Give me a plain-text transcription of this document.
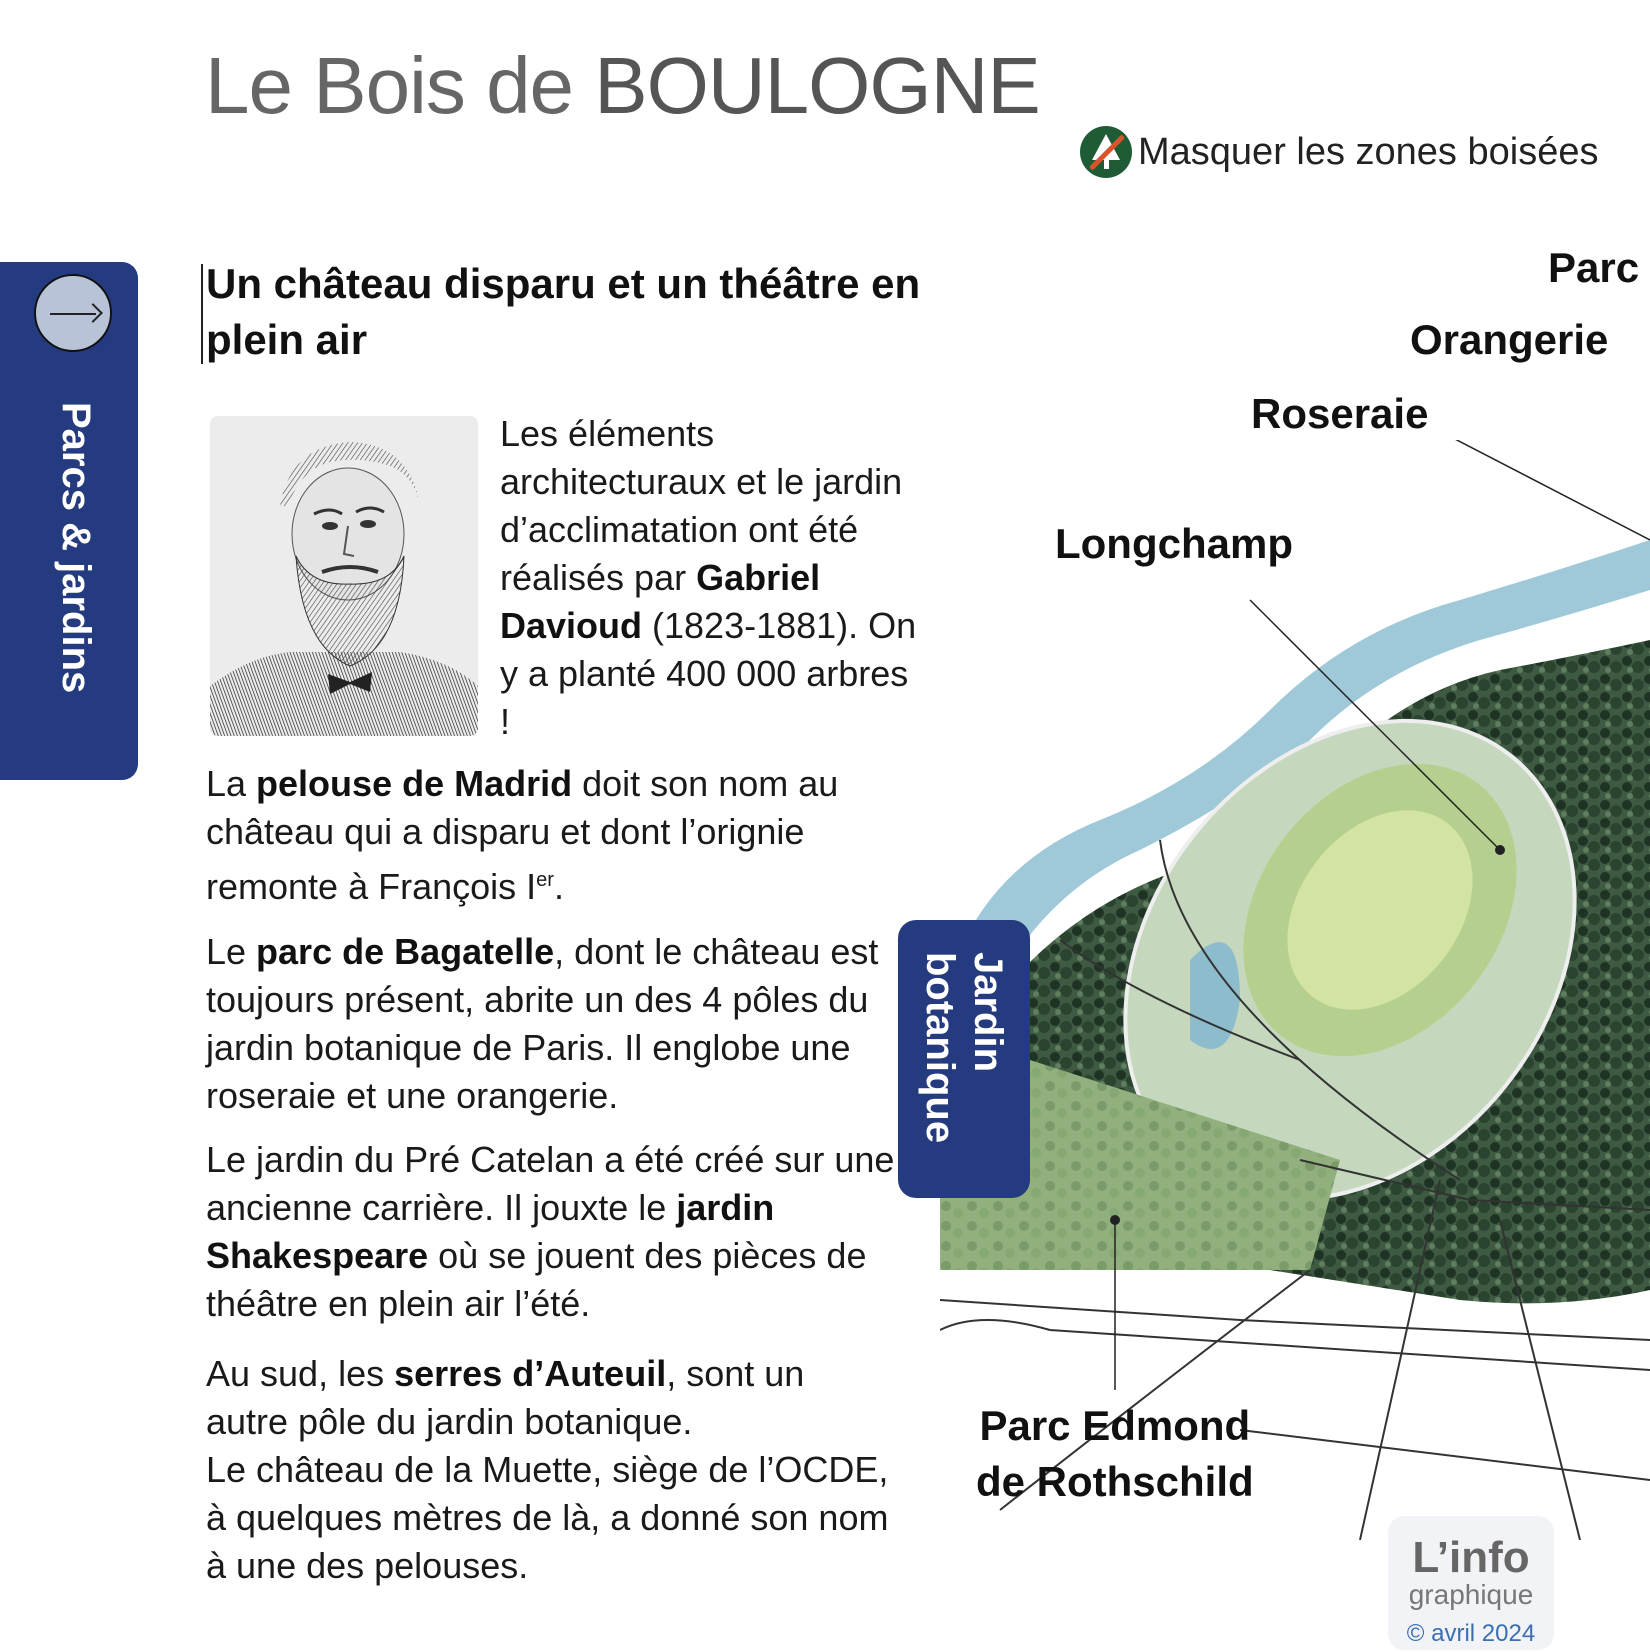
Le Bois de BOULOGNE
Masquer les zones boisées
Parcs & jardins
Un château disparu et un théâtre en plein air
Les éléments architecturaux et le jardin d’acclimatation ont été réalisés par Gabriel Davioud (1823-1881). On y a planté 400 000 arbres !
La pelouse de Madrid doit son nom au château qui a disparu et dont l’orignie remonte à François Ier.
Le parc de Bagatelle, dont le château est toujours présent, abrite un des 4 pôles du jardin botanique de Paris. Il englobe une roseraie et une orangerie.
Le jardin du Pré Catelan a été créé sur une ancienne carrière. Il jouxte le jardin Shakespeare où se jouent des pièces de théâtre en plein air l’été.
Au sud, les serres d’Auteuil, sont un autre pôle du jardin botanique.
Le château de la Muette, siège de l’OCDE, à quelques mètres de là, a donné son nom à une des pelouses.
Jardin
botanique
Parc
Orangerie
Roseraie
Longchamp
Parc Edmond
de Rothschild
L’info
graphique
© avril 2024
